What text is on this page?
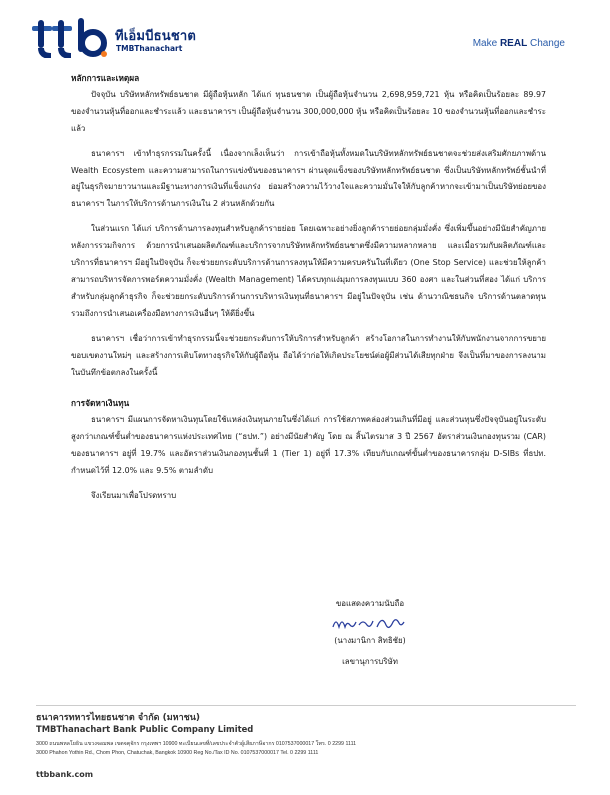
ทีเอ็มบีธนชาต
TMBThanachart	Make REAL Change

หลักการและเหตุผล

ปัจจุบัน บริษัทหลักทรัพย์ธนชาต มีผู้ถือหุ้นหลัก ได้แก่ ทุนธนชาต เป็นผู้ถือหุ้นจำนวน 2,698,959,721 หุ้น หรือคิดเป็นร้อยละ 89.97 ของจำนวนหุ้นที่ออกและชำระแล้ว และธนาคารฯ เป็นผู้ถือหุ้นจำนวน 300,000,000 หุ้น หรือคิดเป็นร้อยละ 10 ของจำนวนหุ้นที่ออกและชำระแล้ว

ธนาคารฯ เข้าทำธุรกรรมในครั้งนี้ เนื่องจากเล็งเห็นว่า การเข้าถือหุ้นทั้งหมดในบริษัทหลักทรัพย์ธนชาตจะช่วยส่งเสริมศักยภาพด้าน Wealth Ecosystem และความสามารถในการแข่งขันของธนาคารฯ ผ่านจุดแข็งของบริษัทหลักทรัพย์ธนชาต ซึ่งเป็นบริษัทหลักทรัพย์ชั้นนำที่อยู่ในธุรกิจมายาวนานและมีฐานะทางการเงินที่แข็งแกร่ง ย่อมสร้างความไว้วางใจและความมั่นใจให้กับลูกค้าหากจะเข้ามาเป็นบริษัทย่อยของธนาคารฯ ในการให้บริการด้านการเงินใน 2 ส่วนหลักด้วยกัน

ในส่วนแรก ได้แก่ บริการด้านการลงทุนสำหรับลูกค้ารายย่อย โดยเฉพาะอย่างยิ่งลูกค้ารายย่อยกลุ่มมั่งคั่ง ซึ่งเพิ่มขึ้นอย่างมีนัยสำคัญภายหลังการรวมกิจการ ด้วยการนำเสนอผลิตภัณฑ์และบริการจากบริษัทหลักทรัพย์ธนชาตซึ่งมีความหลากหลาย และเมื่อรวมกับผลิตภัณฑ์และบริการที่ธนาคารฯ มีอยู่ในปัจจุบัน ก็จะช่วยยกระดับบริการด้านการลงทุนให้มีความครบครันในที่เดียว (One Stop Service) และช่วยให้ลูกค้าสามารถบริหารจัดการพอร์ตความมั่งคั่ง (Wealth Management) ได้ครบทุกแง่มุมการลงทุนแบบ 360 องศา และในส่วนที่สอง ได้แก่ บริการสำหรับกลุ่มลูกค้าธุรกิจ ก็จะช่วยยกระดับบริการด้านการบริหารเงินทุนที่ธนาคารฯ มีอยู่ในปัจจุบัน เช่น ด้านวาณิชธนกิจ บริการด้านตลาดทุน รวมถึงการนำเสนอเครื่องมือทางการเงินอื่นๆ ให้ดียิ่งขึ้น

ธนาคารฯ เชื่อว่าการเข้าทำธุรกรรมนี้จะช่วยยกระดับการให้บริการสำหรับลูกค้า สร้างโอกาสในการทำงานให้กับพนักงานจากการขยายขอบเขตงานใหม่ๆ และสร้างการเติบโตทางธุรกิจให้กับผู้ถือหุ้น ถือได้ว่าก่อให้เกิดประโยชน์ต่อผู้มีส่วนได้เสียทุกฝ่าย จึงเป็นที่มาของการลงนามในบันทึกข้อตกลงในครั้งนี้

การจัดหาเงินทุน

ธนาคารฯ มีแผนการจัดหาเงินทุนโดยใช้แหล่งเงินทุนภายในซึ่งได้แก่ การใช้สภาพคล่องส่วนเกินที่มีอยู่ และส่วนทุนซึ่งปัจจุบันอยู่ในระดับสูงกว่าเกณฑ์ขั้นต่ำของธนาคารแห่งประเทศไทย (“ธปท.”) อย่างมีนัยสำคัญ โดย ณ สิ้นไตรมาส 3 ปี 2567 อัตราส่วนเงินกองทุนรวม (CAR) ของธนาคารฯ อยู่ที่ 19.7% และอัตราส่วนเงินกองทุนชั้นที่ 1 (Tier 1) อยู่ที่ 17.3% เทียบกับเกณฑ์ขั้นต่ำของธนาคารกลุ่ม D-SIBs ที่ธปท. กำหนดไว้ที่ 12.0% และ 9.5% ตามลำดับ

จึงเรียนมาเพื่อโปรดทราบ

ขอแสดงความนับถือ
(นางมานิกา สิทธิชัย)
เลขานุการบริษัท

ธนาคารทหารไทยธนชาต จำกัด (มหาชน)

TMBThanachart Bank Public Company Limited

3000 ถนนพหลโยธิน แขวงจอมพล เขตจตุจักร กรุงเทพฯ 10900 ทะเบียนเลขที่/เลขประจำตัวผู้เสียภาษีอากร 0107537000017 โทร. 0 2299 1111

3000 Phahon Yothin Rd., Chom Phon, Chatuchak, Bangkok 10900 Reg No./Tax ID No. 0107537000017 Tel. 0 2299 1111

ttbbank.com
